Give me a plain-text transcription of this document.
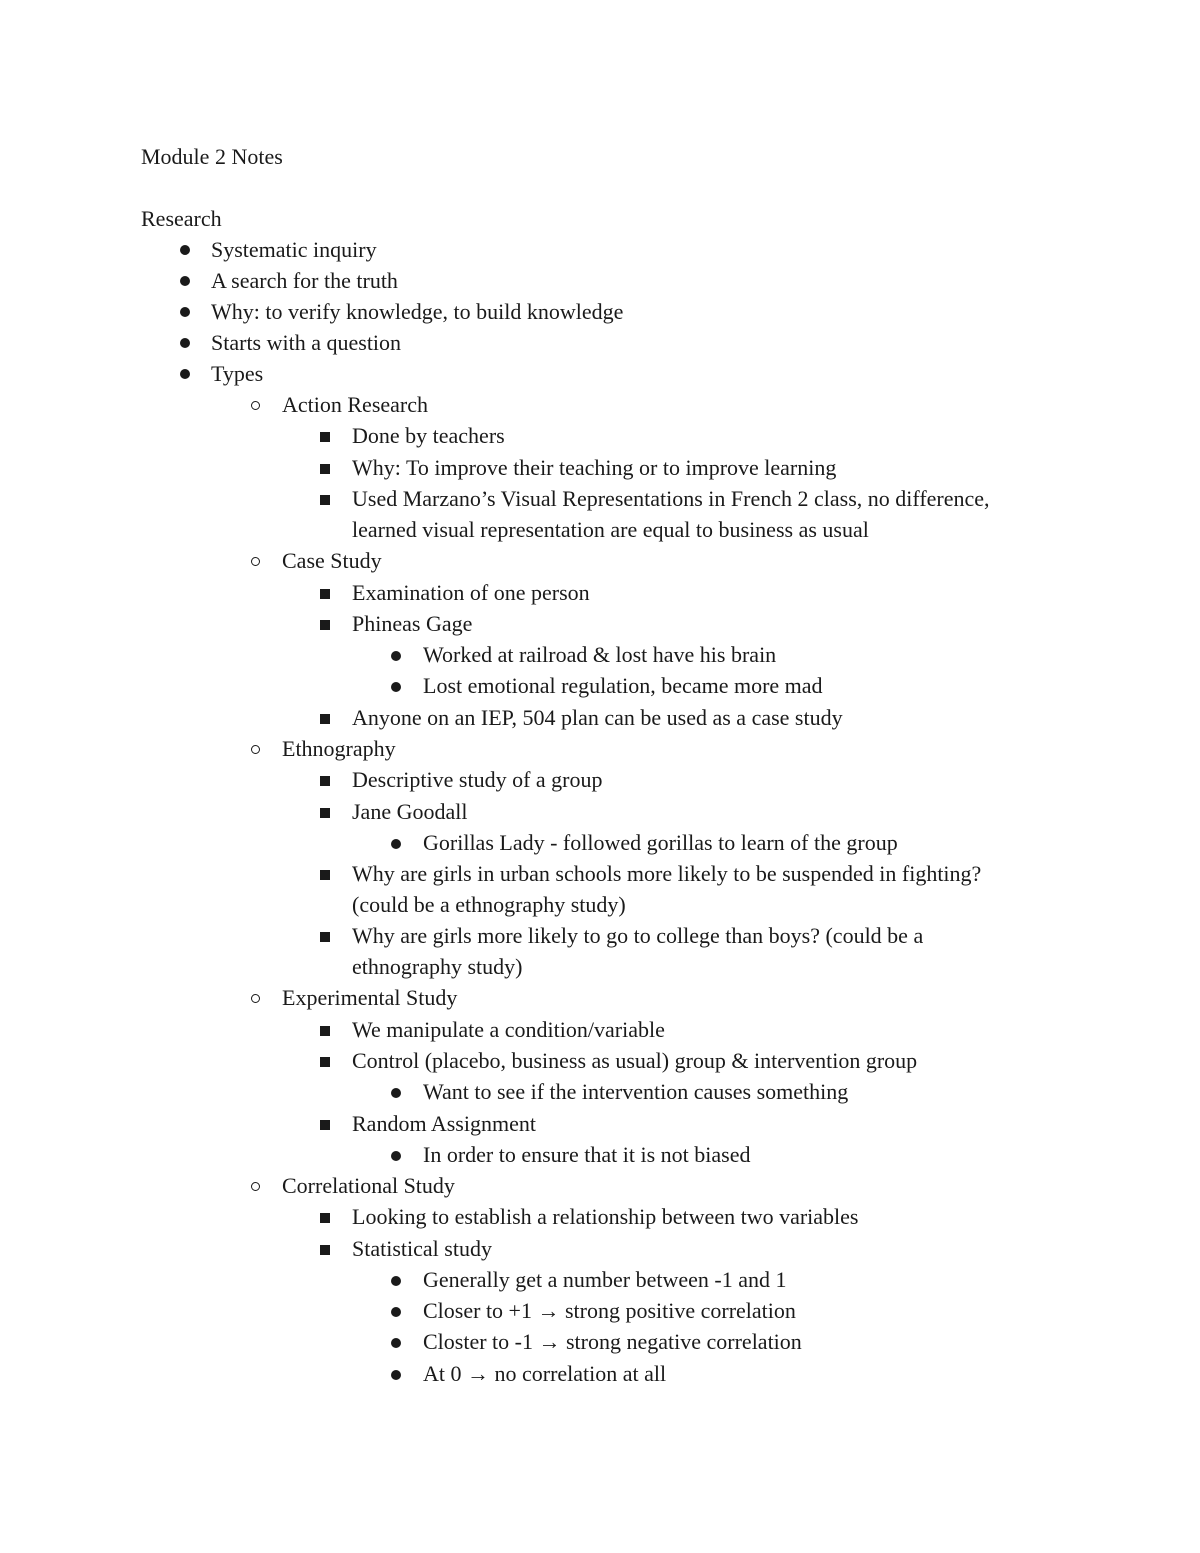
Module 2 Notes
Research
Systematic inquiry
A search for the truth
Why: to verify knowledge, to build knowledge
Starts with a question
Types
Action Research
Done by teachers
Why: To improve their teaching or to improve learning
Used Marzano’s Visual Representations in French 2 class, no difference,
learned visual representation are equal to business as usual
Case Study
Examination of one person
Phineas Gage
Worked at railroad & lost have his brain
Lost emotional regulation, became more mad
Anyone on an IEP, 504 plan can be used as a case study
Ethnography
Descriptive study of a group
Jane Goodall
Gorillas Lady - followed gorillas to learn of the group
Why are girls in urban schools more likely to be suspended in fighting?
(could be a ethnography study)
Why are girls more likely to go to college than boys? (could be a
ethnography study)
Experimental Study
We manipulate a condition/variable
Control (placebo, business as usual) group & intervention group
Want to see if the intervention causes something
Random Assignment
In order to ensure that it is not biased
Correlational Study
Looking to establish a relationship between two variables
Statistical study
Generally get a number between -1 and 1
Closer to +1 → strong positive correlation
Closter to -1 → strong negative correlation
At 0 → no correlation at all
